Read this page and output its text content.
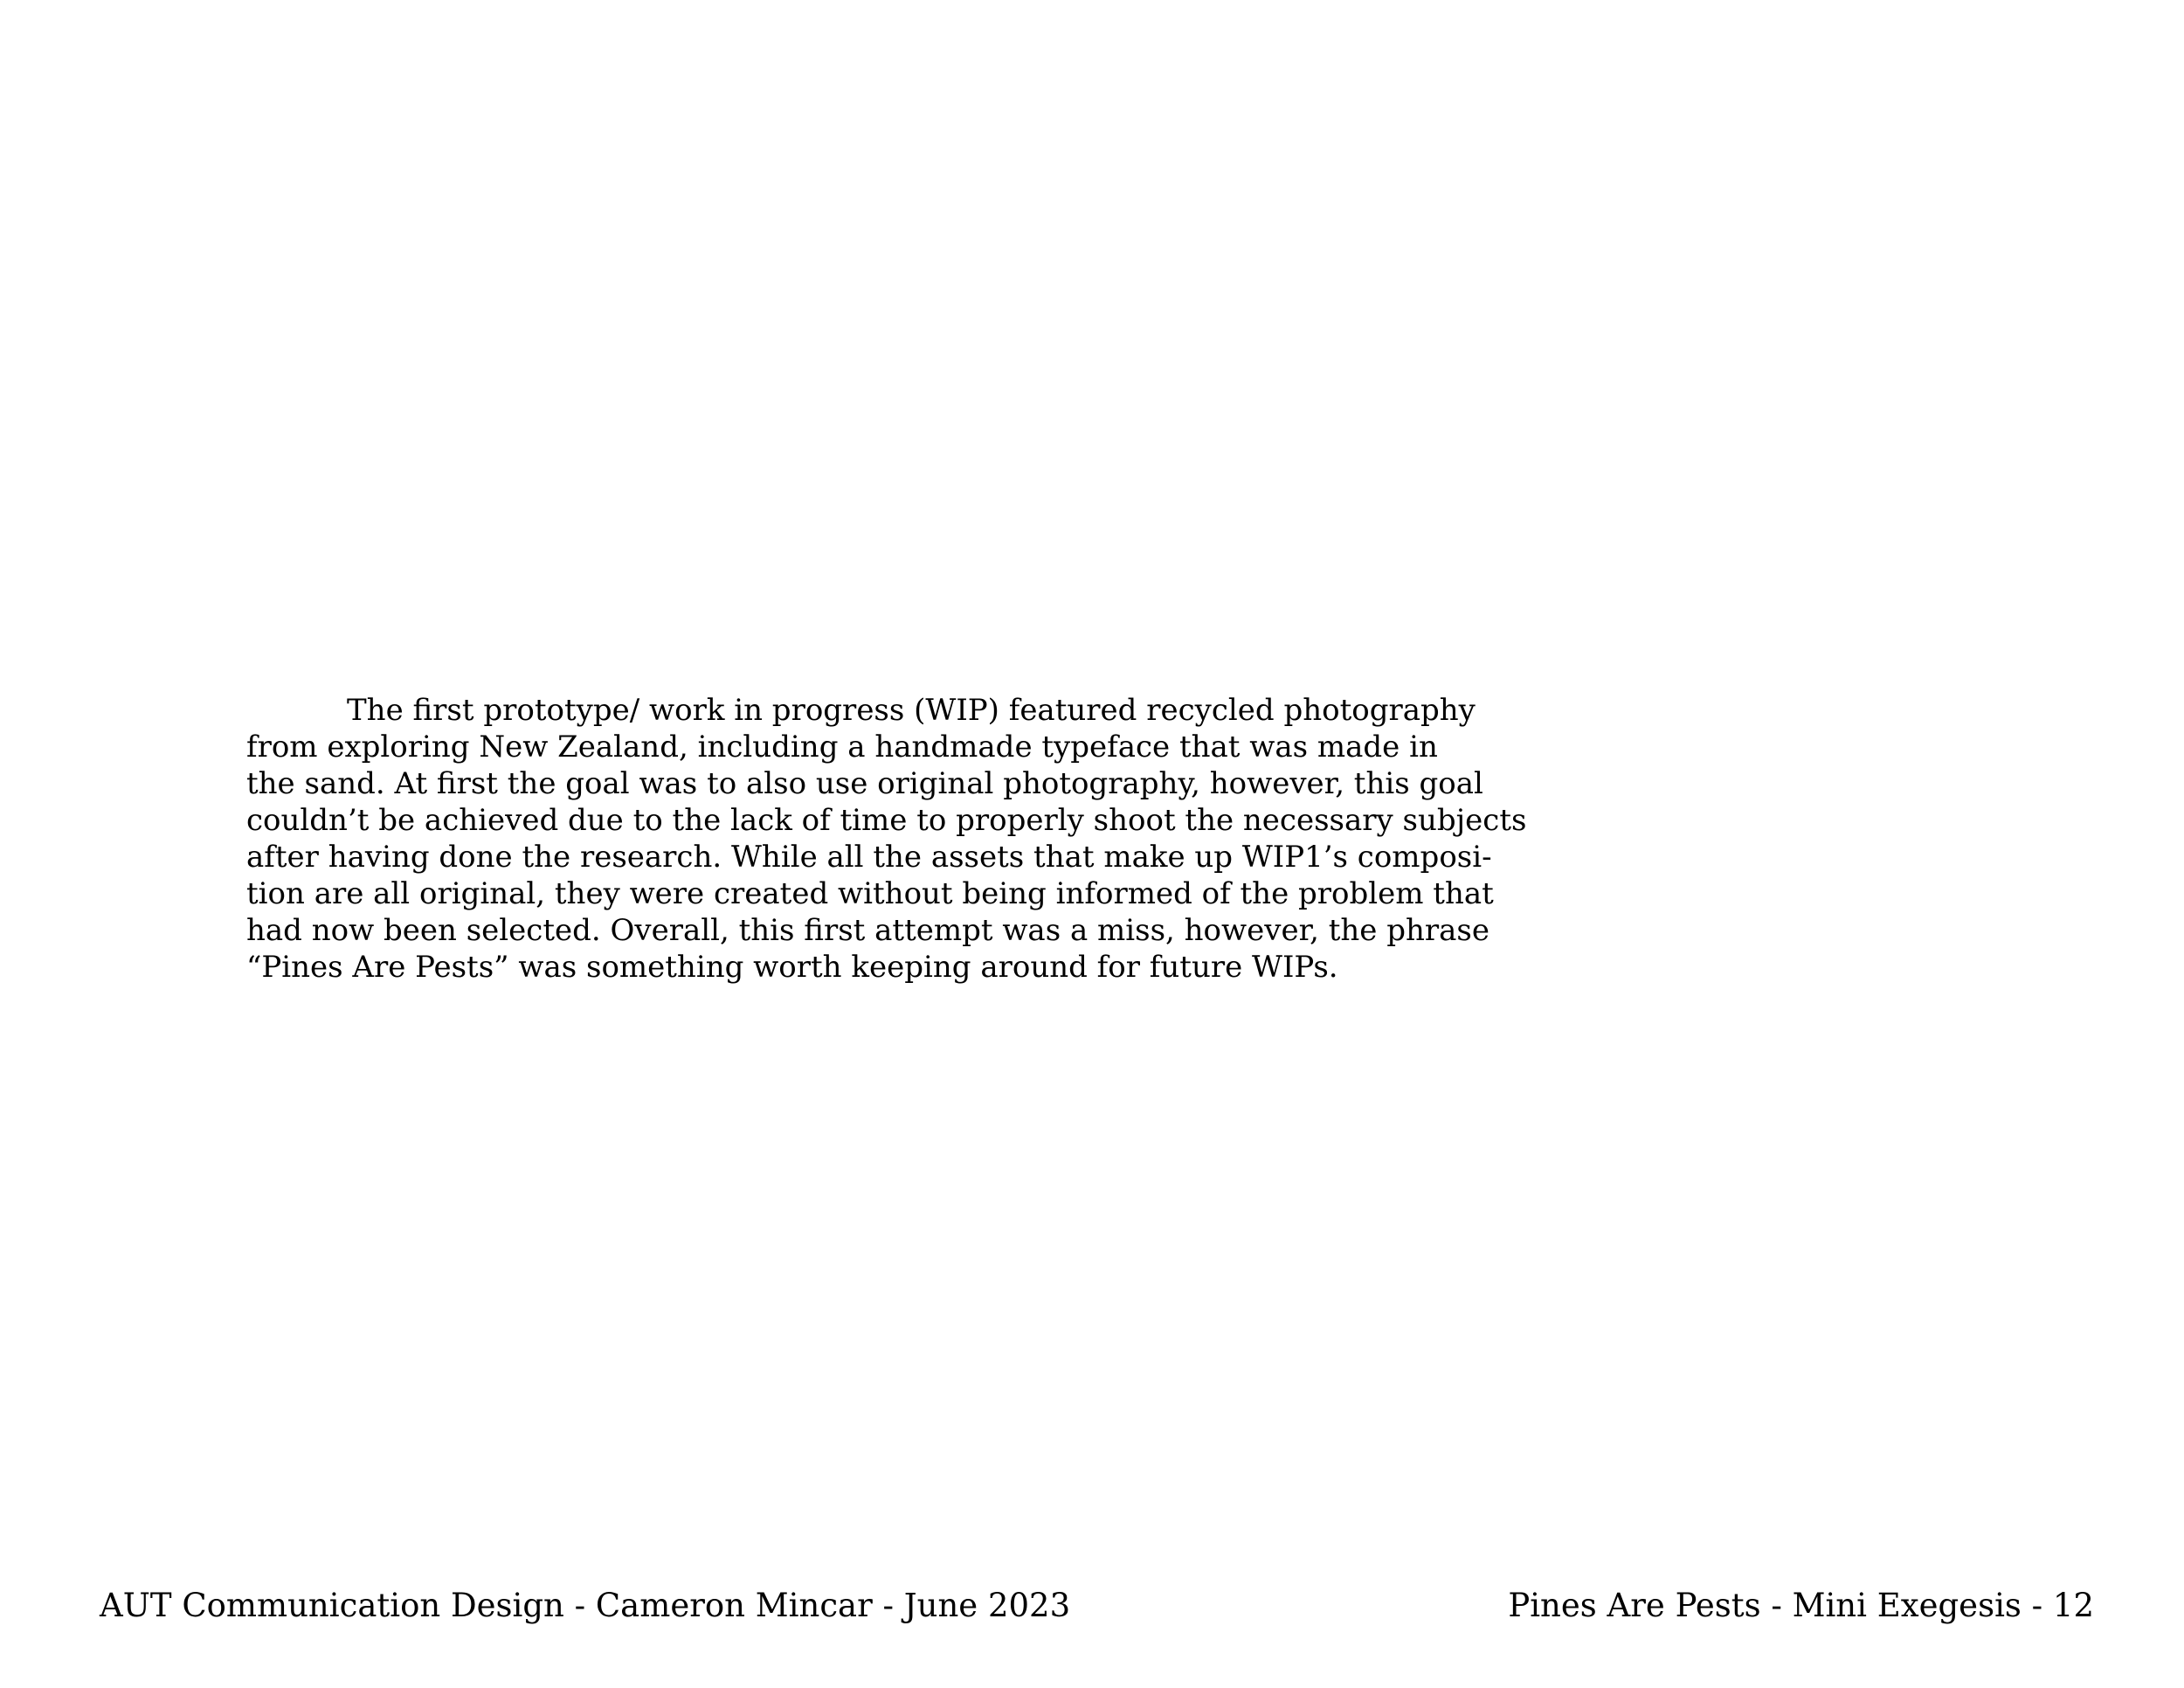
The first prototype/ work in progress (WIP) featured recycled photography
from exploring New Zealand, including a handmade typeface that was made in
the sand. At first the goal was to also use original photography, however, this goal
couldn’t be achieved due to the lack of time to properly shoot the necessary subjects
after having done the research. While all the assets that make up WIP1’s composi-
tion are all original, they were created without being informed of the problem that
had now been selected. Overall, this first attempt was a miss, however, the phrase
“Pines Are Pests” was something worth keeping around for future WIPs.

AUT Communication Design - Cameron Mincar - June 2023	Pines Are Pests - Mini Exegesis - 12
